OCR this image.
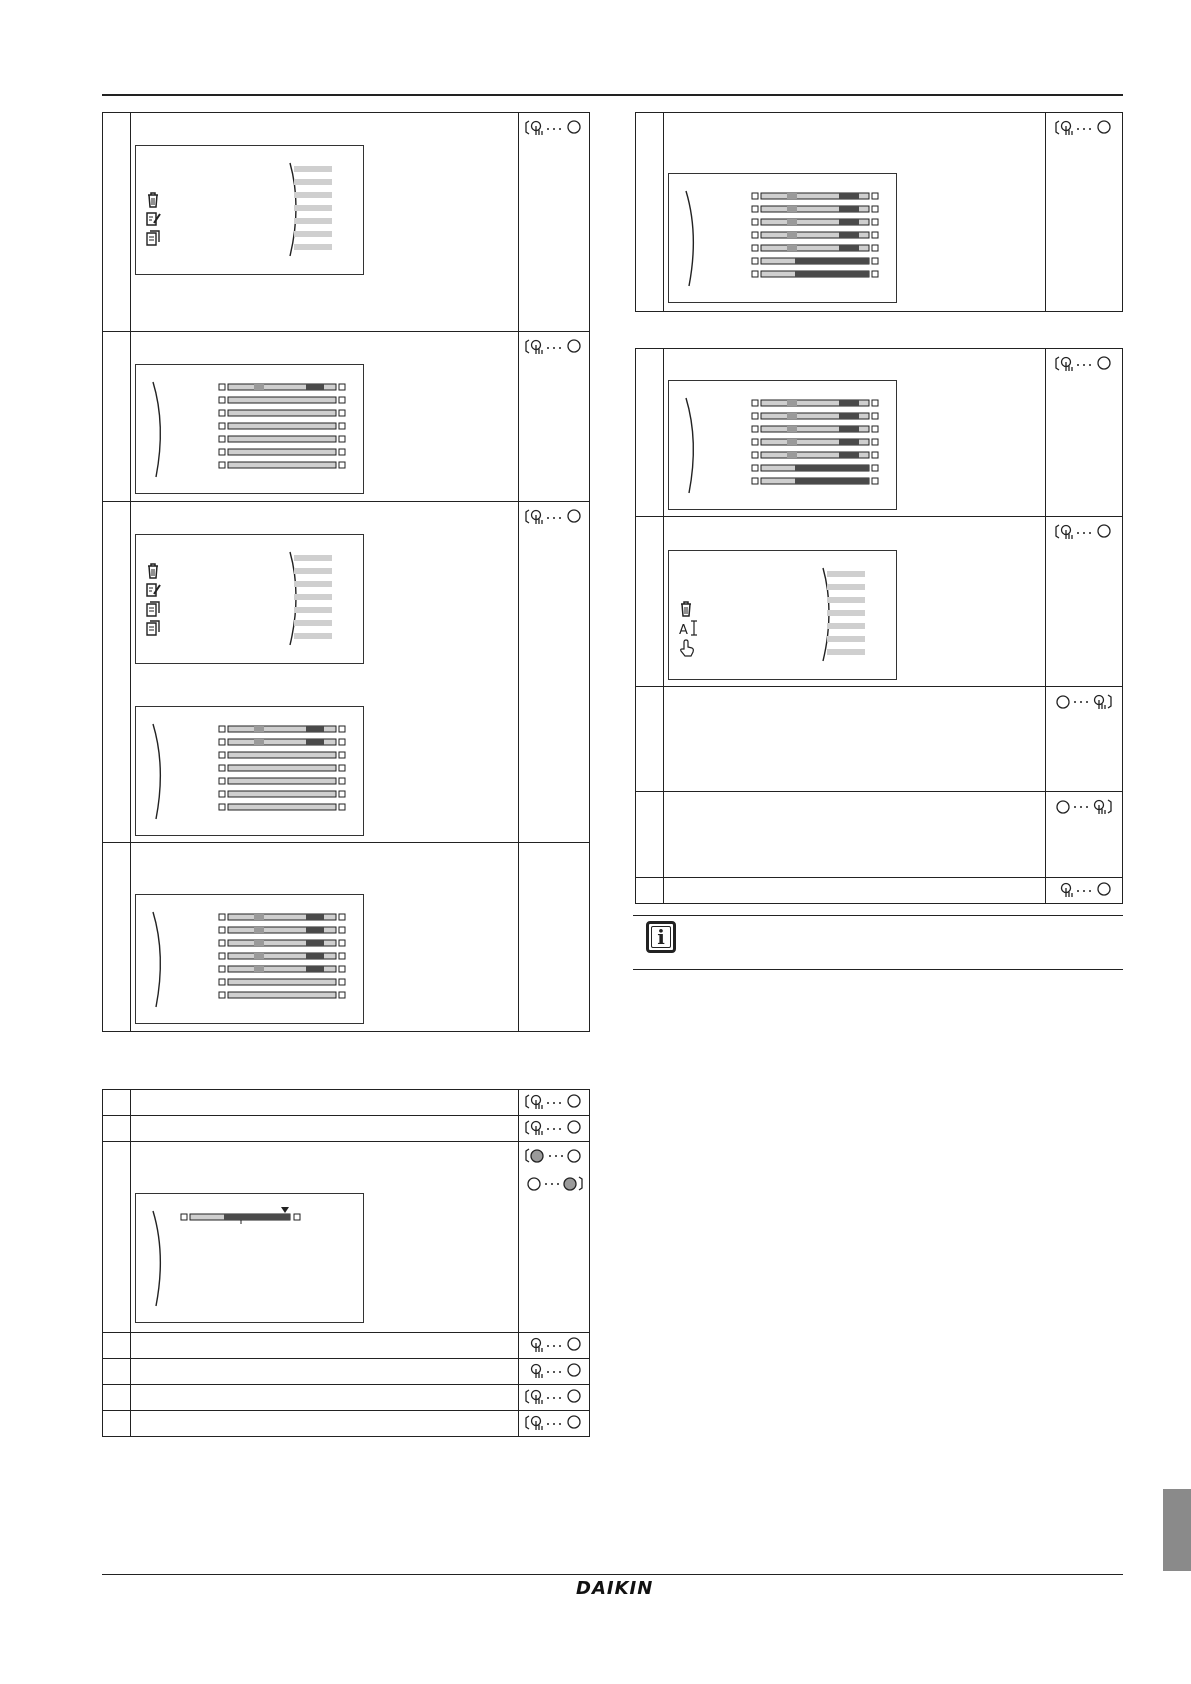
A
i
DAIKIN
